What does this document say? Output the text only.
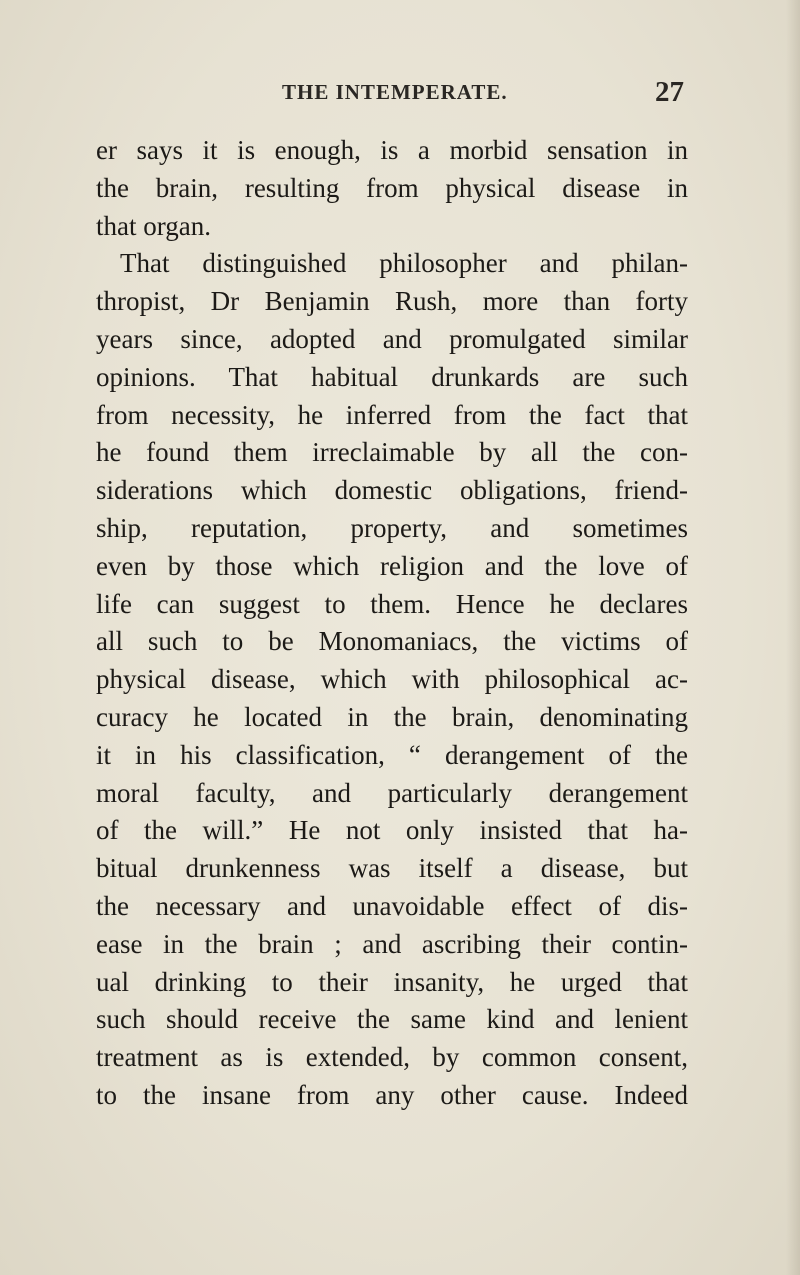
THE INTEMPERATE.	27
er says it is enough, is a morbid sensation in
the brain, resulting from physical disease in
that organ.
That distinguished philosopher and philan-
thropist, Dr Benjamin Rush, more than forty
years since, adopted and promulgated similar
opinions. That habitual drunkards are such
from necessity, he inferred from the fact that
he found them irreclaimable by all the con-
siderations which domestic obligations, friend-
ship, reputation, property, and sometimes
even by those which religion and the love of
life can suggest to them. Hence he declares
all such to be Monomaniacs, the victims of
physical disease, which with philosophical ac-
curacy he located in the brain, denominating
it in his classification, “ derangement of the
moral faculty, and particularly derangement
of the will.” He not only insisted that ha-
bitual drunkenness was itself a disease, but
the necessary and unavoidable effect of dis-
ease in the brain ; and ascribing their contin-
ual drinking to their insanity, he urged that
such should receive the same kind and lenient
treatment as is extended, by common consent,
to the insane from any other cause. Indeed
